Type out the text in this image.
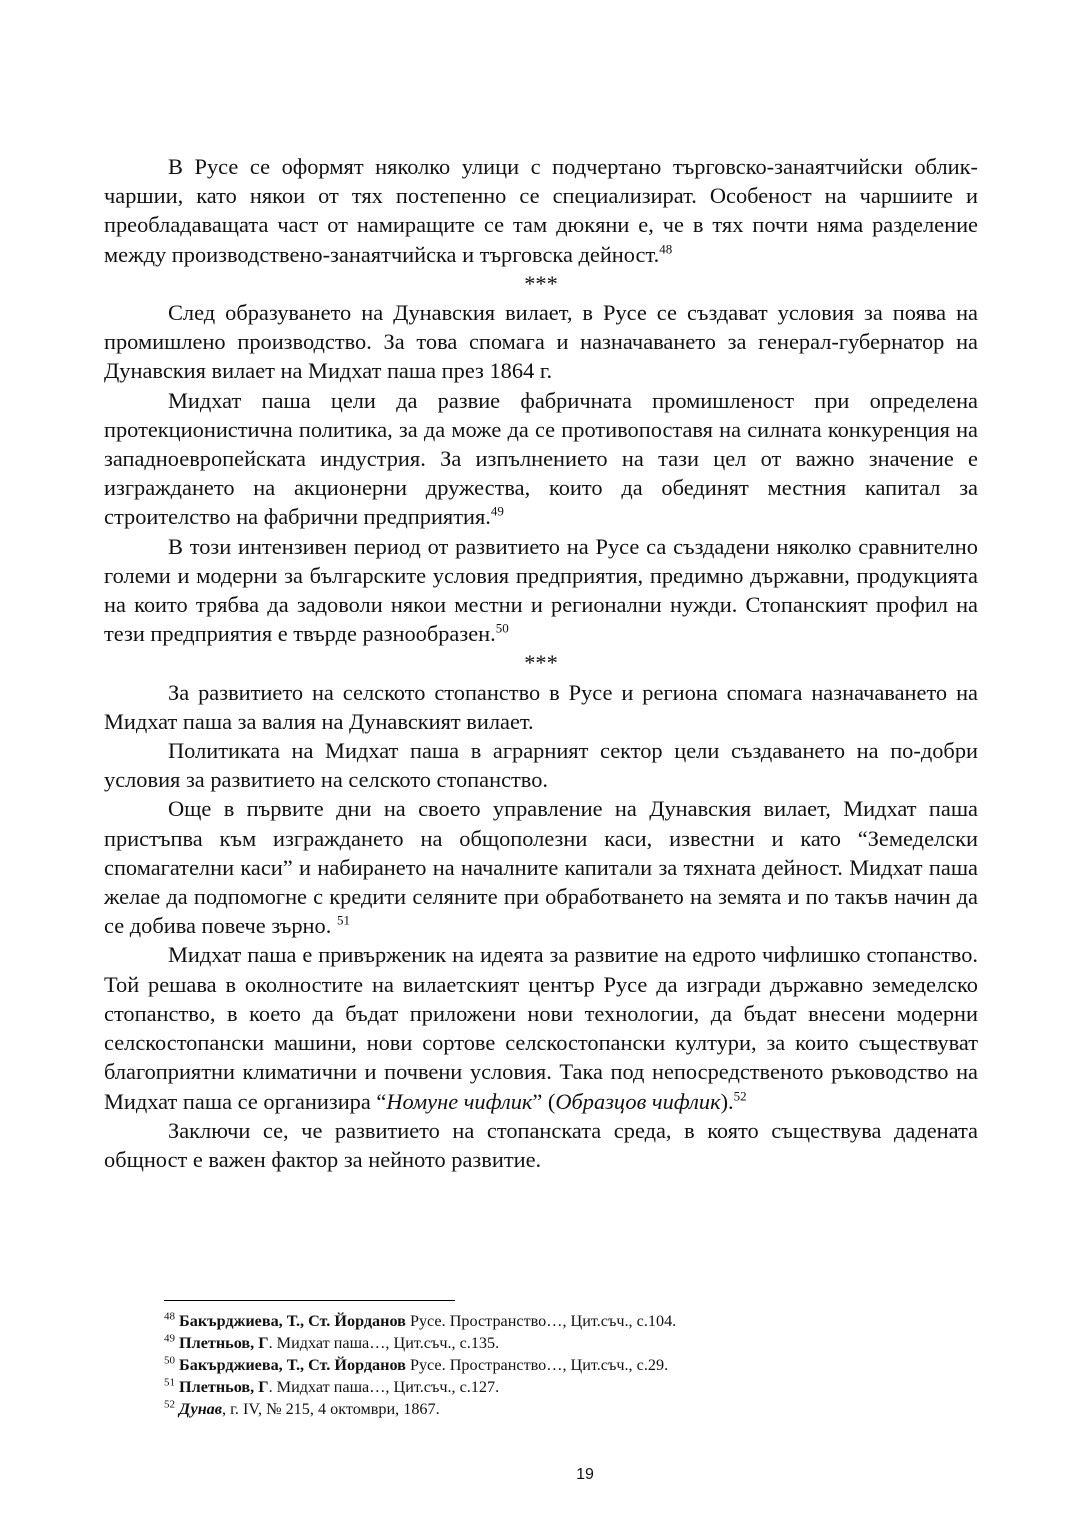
В Русе се оформят няколко улици с подчертано търговско-занаятчийски облик-чаршии, като някои от тях постепенно се специализират. Особеност на чаршиите и преобладаващата част от намиращите се там дюкяни е, че в тях почти няма разделение между производствено-занаятчийска и търговска дейност.$^{48}$

***

След образуването на Дунавския вилает, в Русе се създават условия за поява на промишлено производство. За това спомага и назначаването за генерал-губернатор на Дунавския вилает на Мидхат паша през 1864 г.

Мидхат паша цели да развие фабричната промишленост при определена протекционистична политика, за да може да се противопоставя на силната конкуренция на западноевропейската индустрия. За изпълнението на тази цел от важно значение е изграждането на акционерни дружества, които да обединят местния капитал за строителство на фабрични предприятия.$^{49}$

В този интензивен период от развитието на Русе са създадени няколко сравнително големи и модерни за българските условия предприятия, предимно държавни, продукцията на които трябва да задоволи някои местни и регионални нужди. Стопанският профил на тези предприятия е твърде разнообразен.$^{50}$

***

За развитието на селското стопанство в Русе и региона спомага назначаването на Мидхат паша за валия на Дунавският вилает.

Политиката на Мидхат паша в аграрният сектор цели създаването на по-добри условия за развитието на селското стопанство.

Още в първите дни на своето управление на Дунавския вилает, Мидхат паша пристъпва към изграждането на общополезни каси, известни и като “Земеделски спомагателни каси” и набирането на началните капитали за тяхната дейност. Мидхат паша желае да подпомогне с кредити селяните при обработването на земята и по такъв начин да се добива повече зърно. $^{51}$

Мидхат паша е привърженик на идеята за развитие на едрото чифлишко стопанство. Той решава в околностите на вилаетският център Русе да изгради държавно земеделско стопанство, в което да бъдат приложени нови технологии, да бъдат внесени модерни селскостопански машини, нови сортове селскостопански култури, за които съществуват благоприятни климатични и почвени условия. Така под непосредственото ръководство на Мидхат паша се организира “Номуне чифлик” (Образцов чифлик).$^{52}$

Заключи се, че развитието на стопанската среда, в която съществува дадената общност е важен фактор за нейното развитие.

$^{48}$ Бакърджиева, Т., Ст. Йорданов Русе. Пространство…, Цит.съч., с.104.

$^{49}$ Плетньов, Г. Мидхат паша…, Цит.съч., с.135.

$^{50}$ Бакърджиева, Т., Ст. Йорданов Русе. Пространство…, Цит.съч., с.29.

$^{51}$ Плетньов, Г. Мидхат паша…, Цит.съч., с.127.

$^{52}$ Дунав, г. IV, № 215, 4 октомври, 1867.

19
